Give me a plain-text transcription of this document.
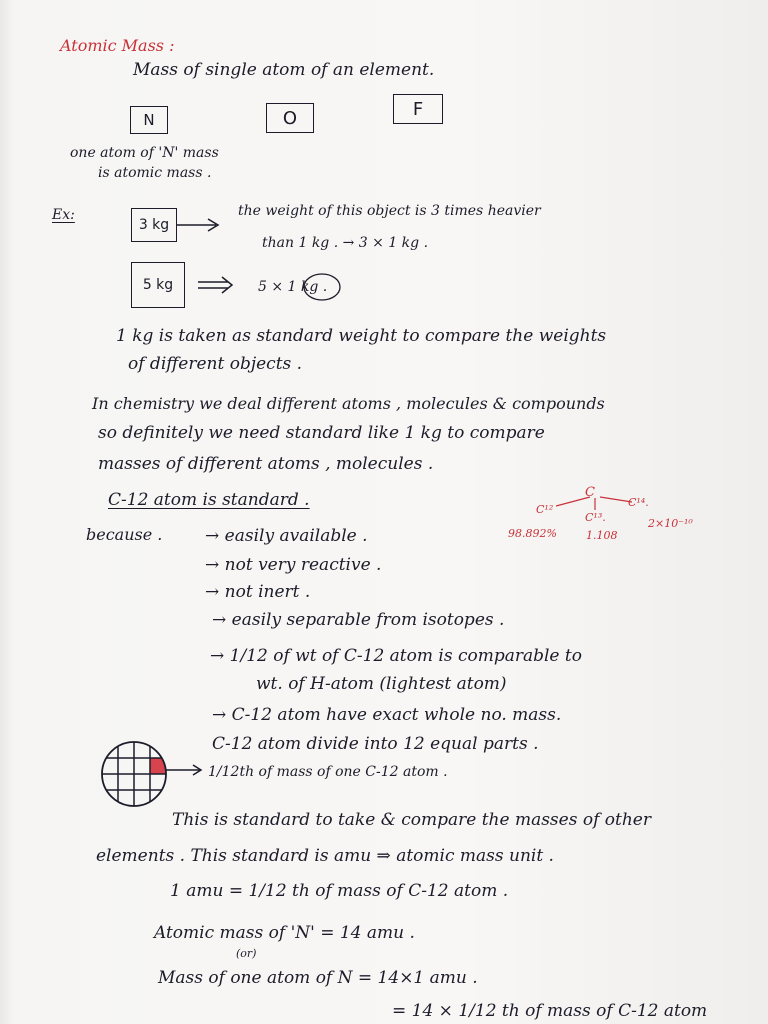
Atomic Mass :
Mass of single atom of an element.
N	O	F
one atom of 'N' mass
is atomic mass .
Ex:
3 kg
the weight of this object is 3 times heavier
than 1 kg . → 3 × 1 kg .
5 kg	5 × 1 kg .
1 kg is taken as standard weight to compare the weights
of different objects .
In chemistry we deal different atoms , molecules & compounds
so definitely we need standard like 1 kg to compare
masses of different atoms , molecules .
C-12 atom is standard .
because .
C¹²
C
C¹³.
C¹⁴.
98.892%	1.108
2×10⁻¹⁰
→ easily available .
→ not very reactive .
→ not inert .
→ easily separable from isotopes .
→ 1/12 of wt of C-12 atom is comparable to
wt. of H-atom (lightest atom)
→ C-12 atom have exact whole no. mass.
C-12 atom divide into 12 equal parts .
1/12th of mass of one C-12 atom .
This is standard to take & compare the masses of other
elements . This standard is amu ⇒ atomic mass unit .
1 amu = 1/12 th of mass of C-12 atom .
Atomic mass of 'N' = 14 amu .
(or)
Mass of one atom of N = 14×1 amu .
= 14 × 1/12 th of mass of C-12 atom
